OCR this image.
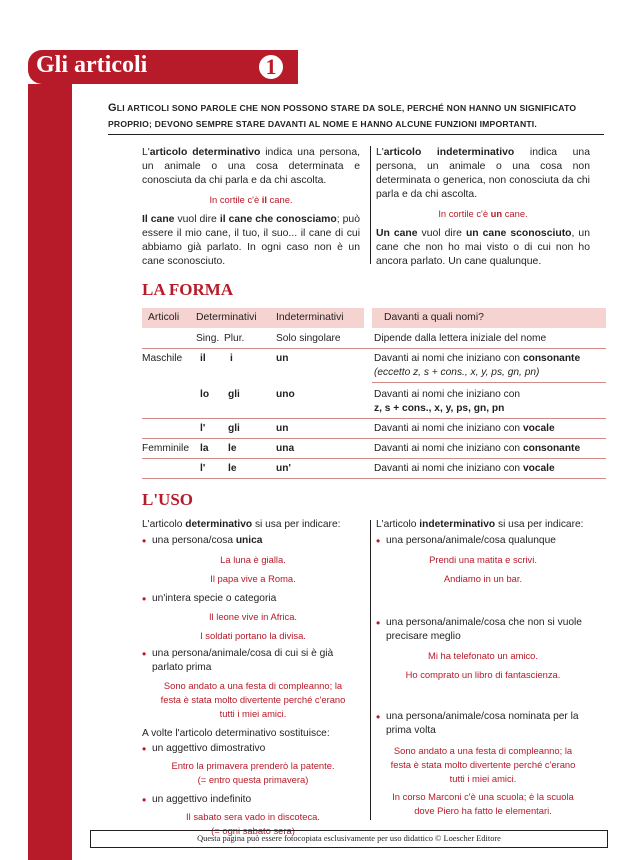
Gli articoli	1
GLI ARTICOLI SONO PAROLE CHE NON POSSONO STARE DA SOLE, PERCHÉ NON HANNO UN SIGNIFICATO PROPRIO; DEVONO SEMPRE STARE DAVANTI AL NOME E HANNO ALCUNE FUNZIONI IMPORTANTI.

L'articolo determinativo indica una persona, un animale o una cosa determinata e conosciuta da chi parla e da chi ascolta.

In cortile c'è il cane.

Il cane vuol dire il cane che conosciamo; può essere il mio cane, il tuo, il suo... il cane di cui abbiamo già parlato. In ogni caso non è un cane sconosciuto.

L'articolo indeterminativo indica una persona, un animale o una cosa non determinata o generica, non conosciuta da chi parla e da chi ascolta.

In cortile c'è un cane.

Un cane vuol dire un cane sconosciuto, un cane che non ho mai visto o di cui non ho ancora parlato. Un cane qualunque.

LA FORMA
Articoli Determinativi Indeterminativi	Davanti a quali nomi?
Sing. Plur.	Solo singolare	Dipende dalla lettera iniziale del nome
Maschile il i	un	Davanti ai nomi che iniziano con consonante
(eccetto z, s + cons., x, y, ps, gn, pn)
lo gli	uno	Davanti ai nomi che iniziano con
z, s + cons., x, y, ps, gn, pn
l' gli	un	Davanti ai nomi che iniziano con vocale
Femminile la le	una	Davanti ai nomi che iniziano con consonante
l' le	un'	Davanti ai nomi che iniziano con vocale
L'USO
L'articolo determinativo si usa per indicare:
• una persona/cosa unica
La luna è gialla.
Il papa vive a Roma.
• un'intera specie o categoria
Il leone vive in Africa.
I soldati portano la divisa.
• una persona/animale/cosa di cui si è già parlato prima
Sono andato a una festa di compleanno; la festa è stata molto divertente perché c'erano tutti i miei amici.
A volte l'articolo determinativo sostituisce:
• un aggettivo dimostrativo
Entro la primavera prenderò la patente.
(= entro questa primavera)
• un aggettivo indefinito
Il sabato sera vado in discoteca.
(= ogni sabato sera)
L'articolo indeterminativo si usa per indicare:
• una persona/animale/cosa qualunque
Prendi una matita e scrivi.
Andiamo in un bar.
• una persona/animale/cosa che non si vuole precisare meglio
Mi ha telefonato un amico.
Ho comprato un libro di fantascienza.
• una persona/animale/cosa nominata per la prima volta
Sono andato a una festa di compleanno; la festa è stata molto divertente perché c'erano tutti i miei amici.
In corso Marconi c'è una scuola; è la scuola dove Piero ha fatto le elementari.
Questa pagina può essere fotocopiata esclusivamente per uso didattico © Loescher Editore
